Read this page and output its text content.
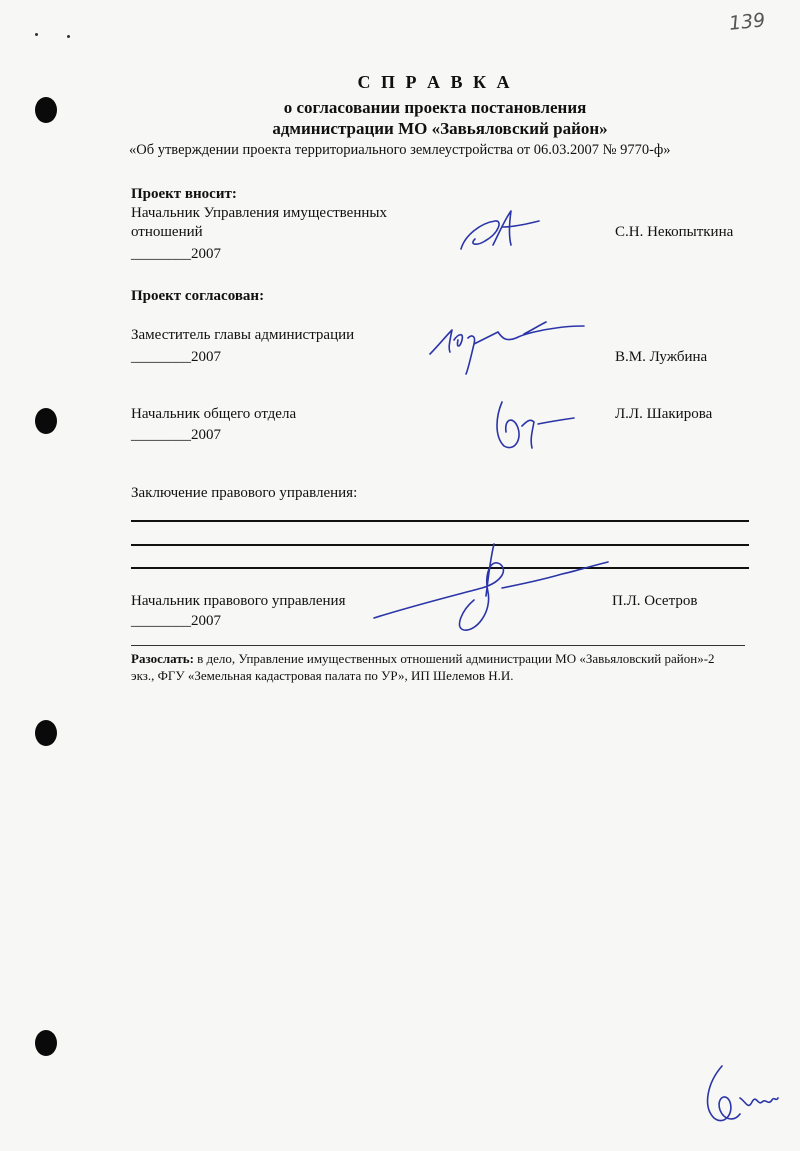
139
С П Р А В К А
о согласовании проекта постановления
администрации МО «Завьяловский район»
«Об утверждении проекта территориального землеустройства от 06.03.2007 № 9770-ф»
Проект вносит:
Начальник Управления имущественных
отношений
________2007
С.Н. Некопыткина
Проект согласован:
Заместитель главы администрации
________2007	В.М. Лужбина
Начальник общего отдела
________2007
Л.Л. Шакирова
Заключение правового управления:
Начальник правового управления
________2007
П.Л. Осетров
Разослать: в дело, Управление имущественных отношений администрации МО «Завьяловский район»-2
экз., ФГУ «Земельная кадастровая палата по УР», ИП Шелемов Н.И.
